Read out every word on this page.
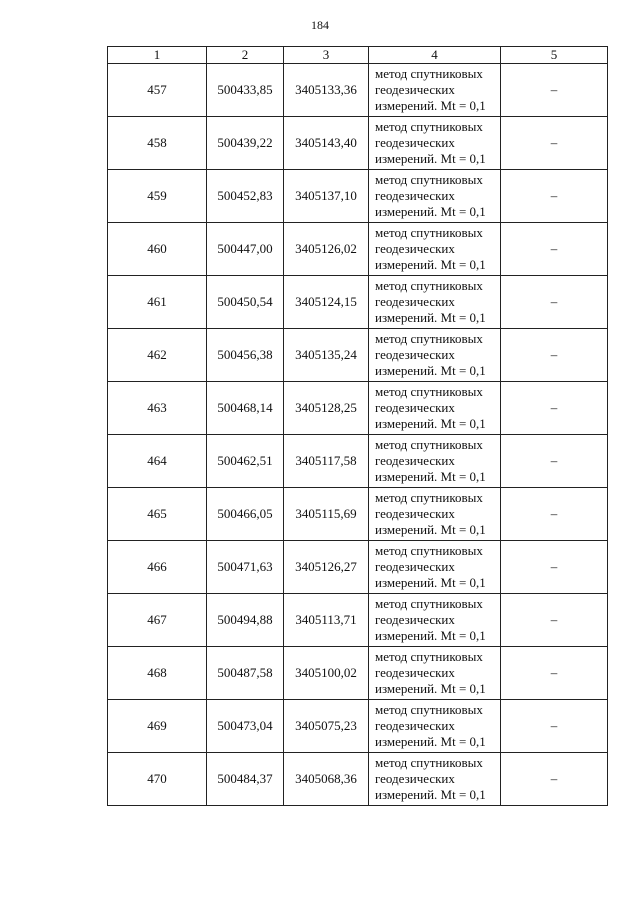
184
1	2	3	4	5
457	500433,85	3405133,36	метод спутниковых
геодезических
измерений. Mt = 0,1	–
458	500439,22	3405143,40	метод спутниковых
геодезических
измерений. Mt = 0,1	–
459	500452,83	3405137,10	метод спутниковых
геодезических
измерений. Mt = 0,1	–
460	500447,00	3405126,02	метод спутниковых
геодезических
измерений. Mt = 0,1	–
461	500450,54	3405124,15	метод спутниковых
геодезических
измерений. Mt = 0,1	–
462	500456,38	3405135,24	метод спутниковых
геодезических
измерений. Mt = 0,1	–
463	500468,14	3405128,25	метод спутниковых
геодезических
измерений. Mt = 0,1	–
464	500462,51	3405117,58	метод спутниковых
геодезических
измерений. Mt = 0,1	–
465	500466,05	3405115,69	метод спутниковых
геодезических
измерений. Mt = 0,1	–
466	500471,63	3405126,27	метод спутниковых
геодезических
измерений. Mt = 0,1	–
467	500494,88	3405113,71	метод спутниковых
геодезических
измерений. Mt = 0,1	–
468	500487,58	3405100,02	метод спутниковых
геодезических
измерений. Mt = 0,1	–
469	500473,04	3405075,23	метод спутниковых
геодезических
измерений. Mt = 0,1	–
470	500484,37	3405068,36	метод спутниковых
геодезических
измерений. Mt = 0,1	–
